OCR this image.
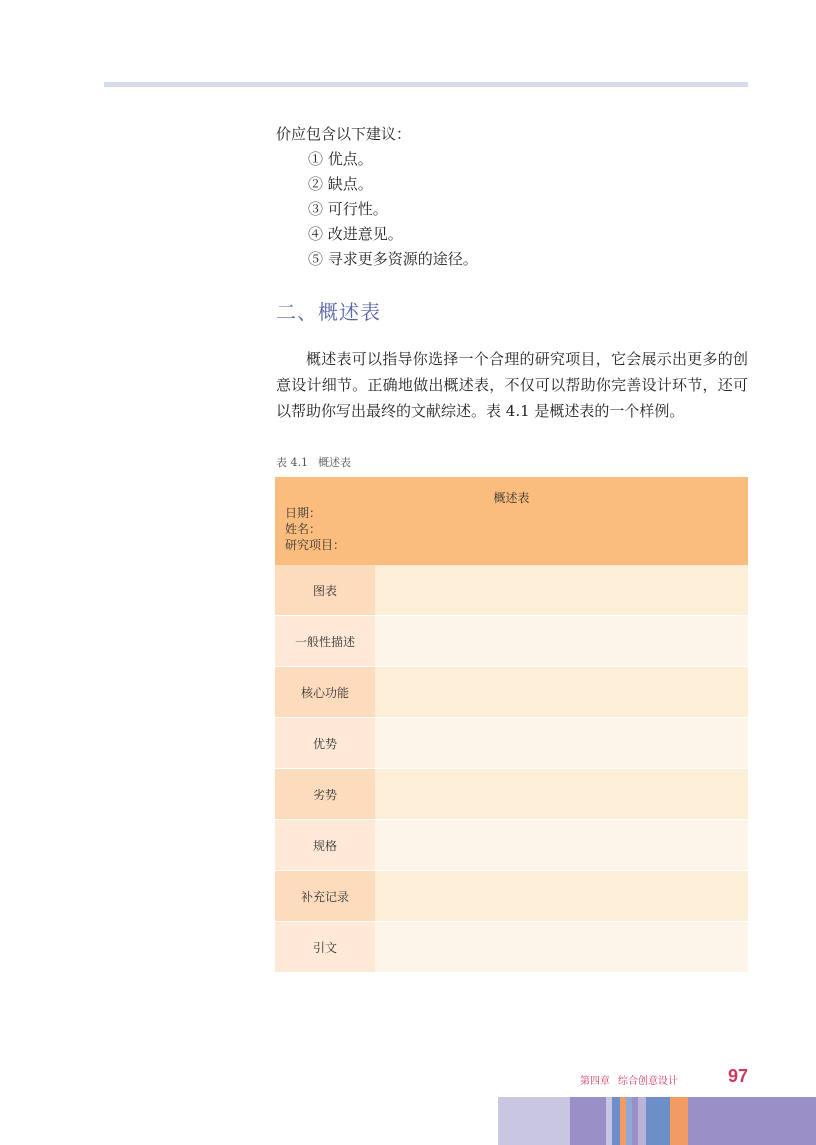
价应包含以下建议：
① 优点。
② 缺点。
③ 可行性。
④ 改进意见。
⑤ 寻求更多资源的途径。
二、概述表

概述表可以指导你选择一个合理的研究项目，它会展示出更多的创意设计细节。正确地做出概述表，不仅可以帮助你完善设计环节，还可以帮助你写出最终的文献综述。表 4.1 是概述表的一个样例。

表 4.1 概述表
概述表
日期：
姓名：
研究项目：	

图表	
一般性描述	
核心功能	
优势	
劣势	
规格	
补充记录	
引文	
第四章 综合创意设计	97
